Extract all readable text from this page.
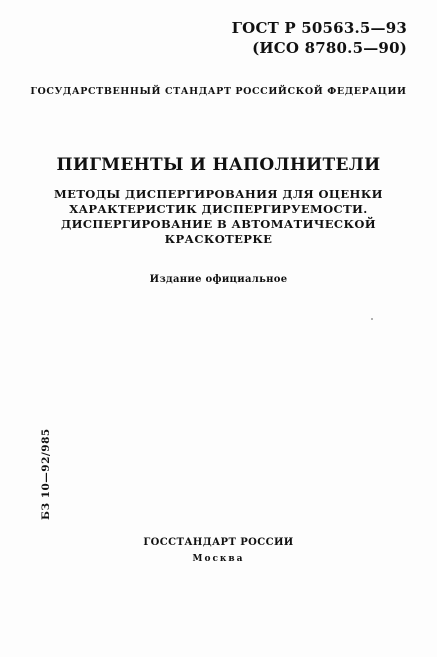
ГОСТ Р 50563.5—93
(ИСО 8780.5—90)
ГОСУДАРСТВЕННЫЙ СТАНДАРТ РОССИЙСКОЙ ФЕДЕРАЦИИ
ПИГМЕНТЫ И НАПОЛНИТЕЛИ
МЕТОДЫ ДИСПЕРГИРОВАНИЯ ДЛЯ ОЦЕНКИ
ХАРАКТЕРИСТИК ДИСПЕРГИРУЕМОСТИ.
ДИСПЕРГИРОВАНИЕ В АВТОМАТИЧЕСКОЙ
КРАСКОТЕРКЕ
Издание официальное
БЗ 10—92/985
ГОССТАНДАРТ РОССИИ
Москва
